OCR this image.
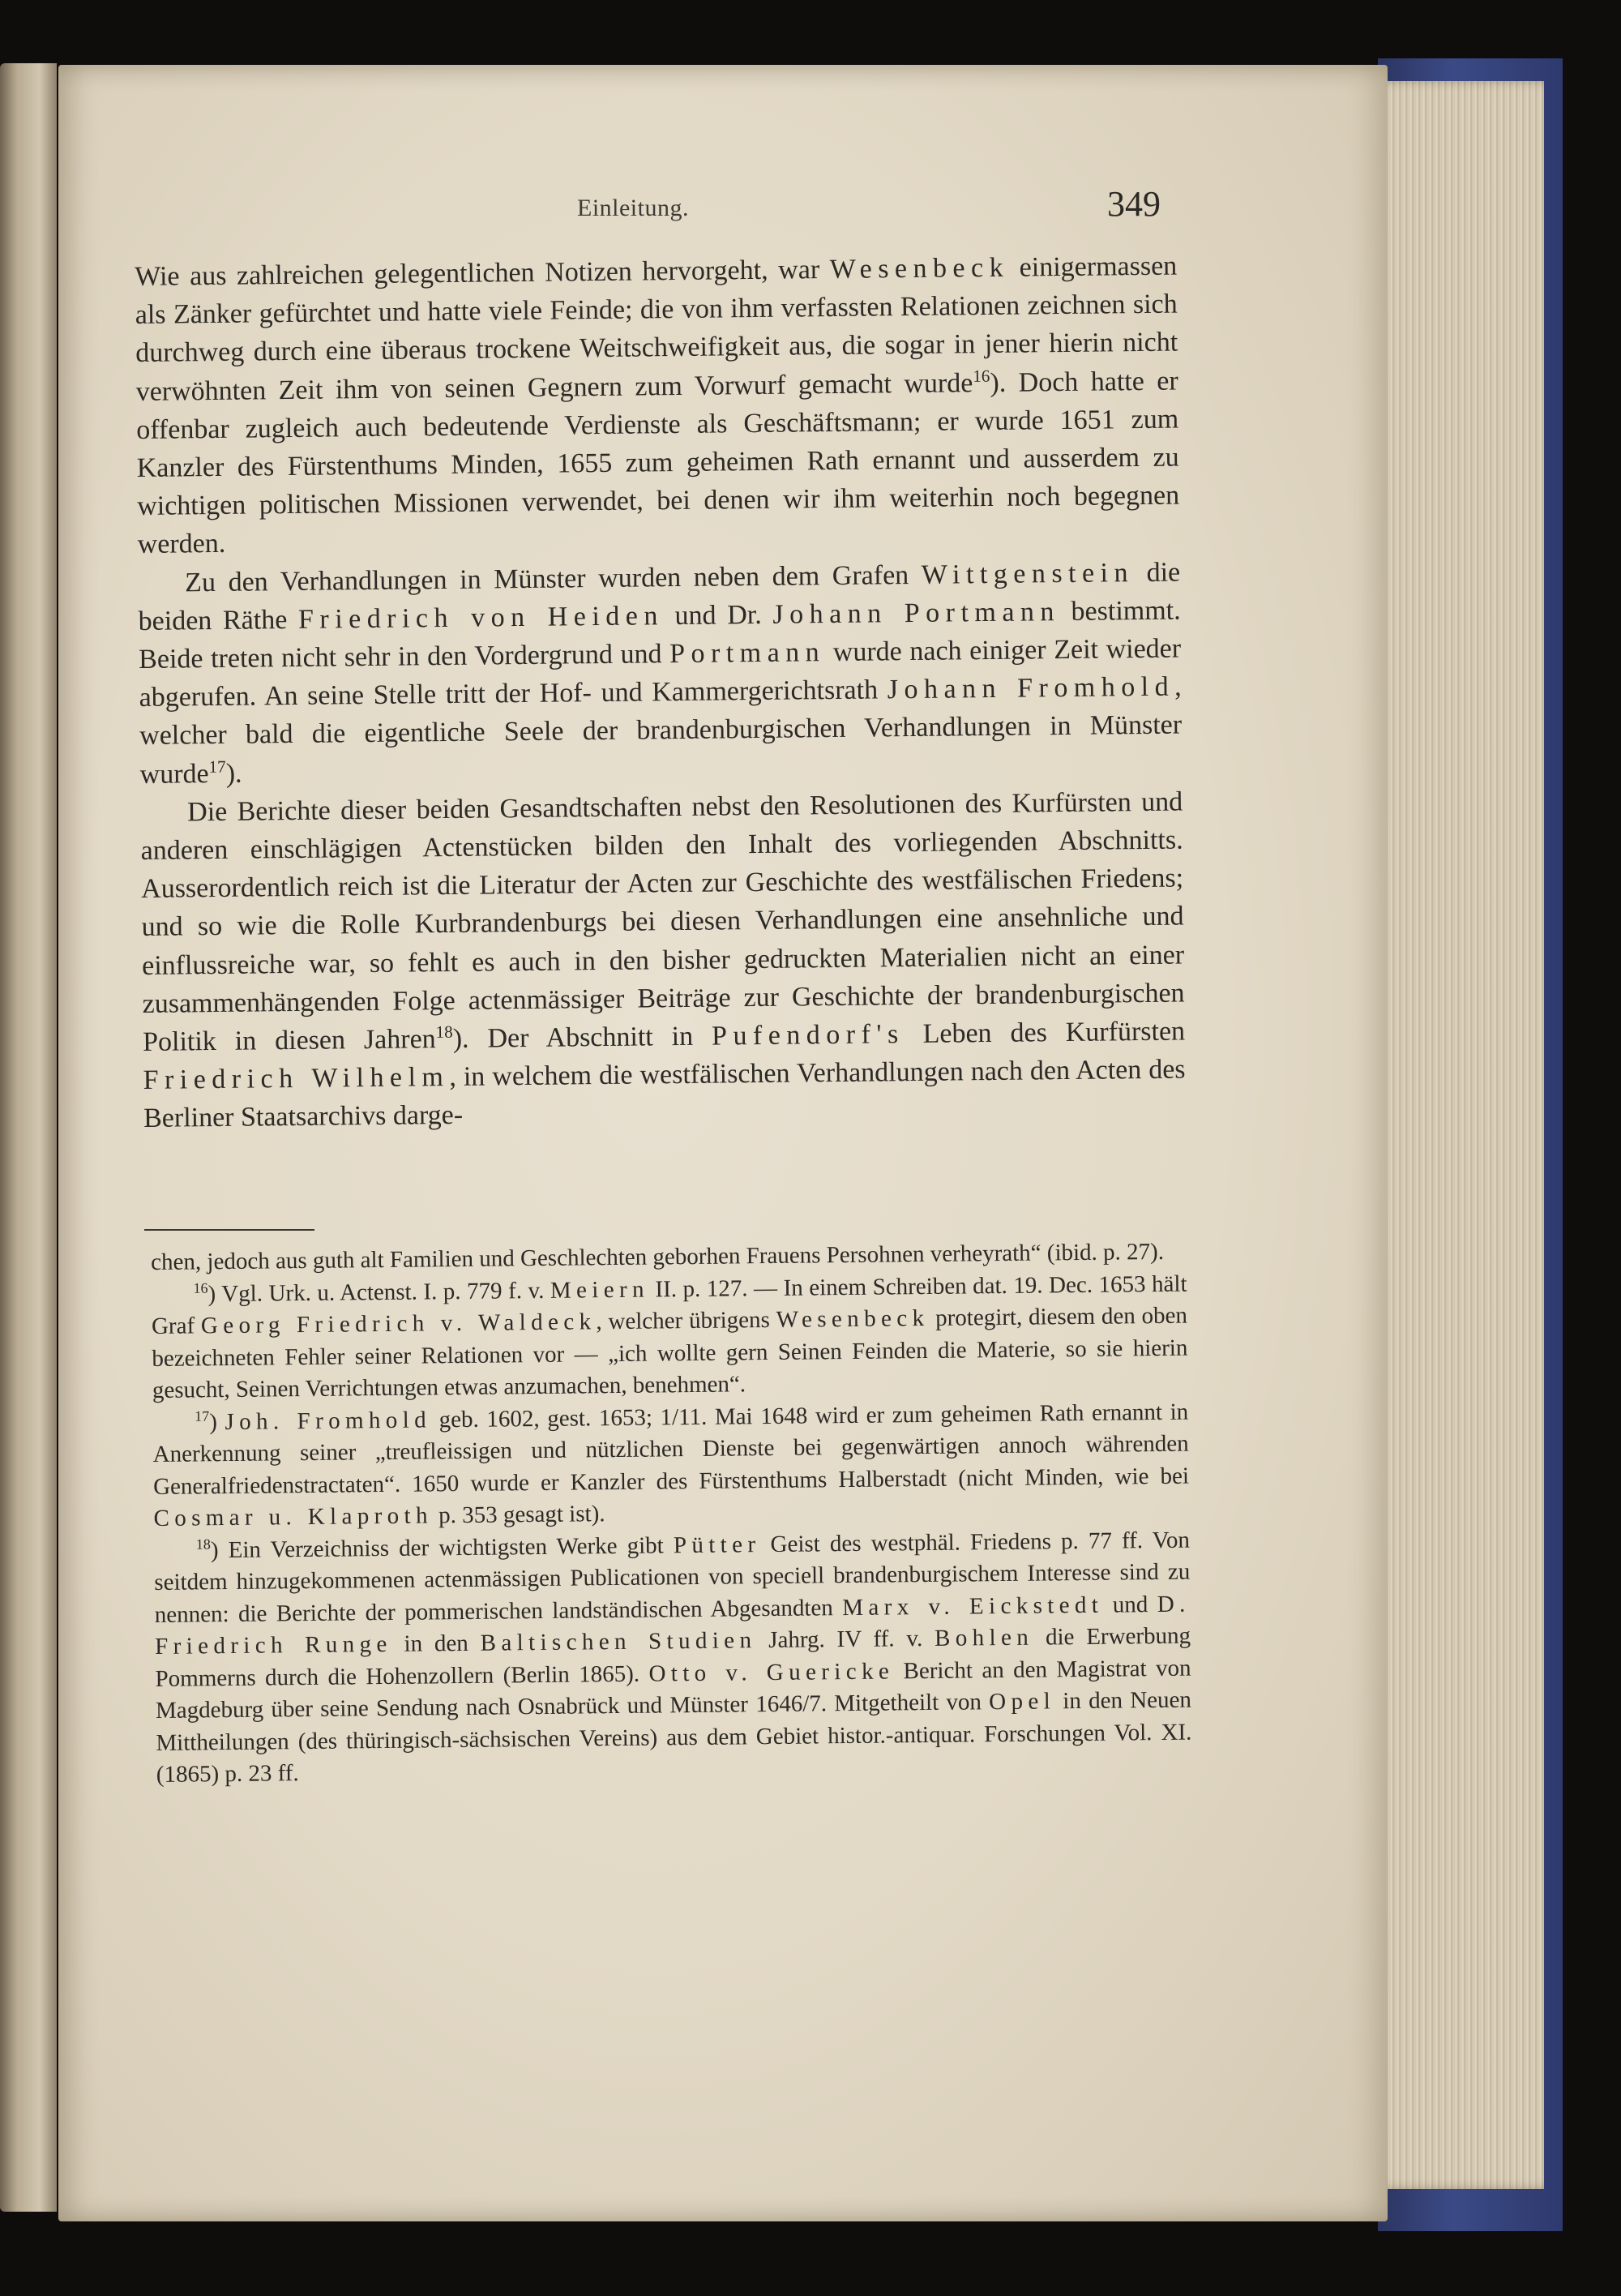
Einleitung.	349

Wie aus zahlreichen gelegentlichen Notizen hervorgeht, war Wesenbeck einigermassen als Zänker gefürchtet und hatte viele Feinde; die von ihm verfassten Relationen zeichnen sich durchweg durch eine überaus trockene Weitschweifigkeit aus, die sogar in jener hierin nicht verwöhnten Zeit ihm von seinen Gegnern zum Vorwurf gemacht wurde$^{16}$). Doch hatte er offenbar zugleich auch bedeutende Verdienste als Geschäftsmann; er wurde 1651 zum Kanzler des Fürstenthums Minden, 1655 zum geheimen Rath ernannt und ausserdem zu wichtigen politischen Missionen verwendet, bei denen wir ihm weiterhin noch begegnen werden.

Zu den Verhandlungen in Münster wurden neben dem Grafen Wittgenstein die beiden Räthe Friedrich von Heiden und Dr. Johann Portmann bestimmt. Beide treten nicht sehr in den Vordergrund und Portmann wurde nach einiger Zeit wieder abgerufen. An seine Stelle tritt der Hof- und Kammergerichtsrath Johann Fromhold, welcher bald die eigentliche Seele der brandenburgischen Verhandlungen in Münster wurde$^{17}$).

Die Berichte dieser beiden Gesandtschaften nebst den Resolutionen des Kurfürsten und anderen einschlägigen Actenstücken bilden den Inhalt des vorliegenden Abschnitts. Ausserordentlich reich ist die Literatur der Acten zur Geschichte des westfälischen Friedens; und so wie die Rolle Kurbrandenburgs bei diesen Verhandlungen eine ansehnliche und einflussreiche war, so fehlt es auch in den bisher gedruckten Materialien nicht an einer zusammenhängenden Folge actenmässiger Beiträge zur Geschichte der brandenburgischen Politik in diesen Jahren$^{18}$). Der Abschnitt in Pufendorf's Leben des Kurfürsten Friedrich Wilhelm, in welchem die westfälischen Verhandlungen nach den Acten des Berliner Staatsarchivs darge-

chen, jedoch aus guth alt Familien und Geschlechten geborhen Frauens Persohnen verheyrath“ (ibid. p. 27).

$^{16}$) Vgl. Urk. u. Actenst. I. p. 779 f. v. Meiern II. p. 127. — In einem Schreiben dat. 19. Dec. 1653 hält Graf Georg Friedrich v. Waldeck, welcher übrigens Wesenbeck protegirt, diesem den oben bezeichneten Fehler seiner Relationen vor — „ich wollte gern Seinen Feinden die Materie, so sie hierin gesucht, Seinen Verrichtungen etwas anzumachen, benehmen“.

$^{17}$) Joh. Fromhold geb. 1602, gest. 1653; 1/11. Mai 1648 wird er zum geheimen Rath ernannt in Anerkennung seiner „treufleissigen und nützlichen Dienste bei gegenwärtigen annoch währenden Generalfriedenstractaten“. 1650 wurde er Kanzler des Fürstenthums Halberstadt (nicht Minden, wie bei Cosmar u. Klaproth p. 353 gesagt ist).

$^{18}$) Ein Verzeichniss der wichtigsten Werke gibt Pütter Geist des westphäl. Friedens p. 77 ff. Von seitdem hinzugekommenen actenmässigen Publicationen von speciell brandenburgischem Interesse sind zu nennen: die Berichte der pommerischen landständischen Abgesandten Marx v. Eickstedt und D. Friedrich Runge in den Baltischen Studien Jahrg. IV ff. v. Bohlen die Erwerbung Pommerns durch die Hohenzollern (Berlin 1865). Otto v. Guericke Bericht an den Magistrat von Magdeburg über seine Sendung nach Osnabrück und Münster 1646/7. Mitgetheilt von Opel in den Neuen Mittheilungen (des thüringisch-sächsischen Vereins) aus dem Gebiet histor.-antiquar. Forschungen Vol. XI. (1865) p. 23 ff.
